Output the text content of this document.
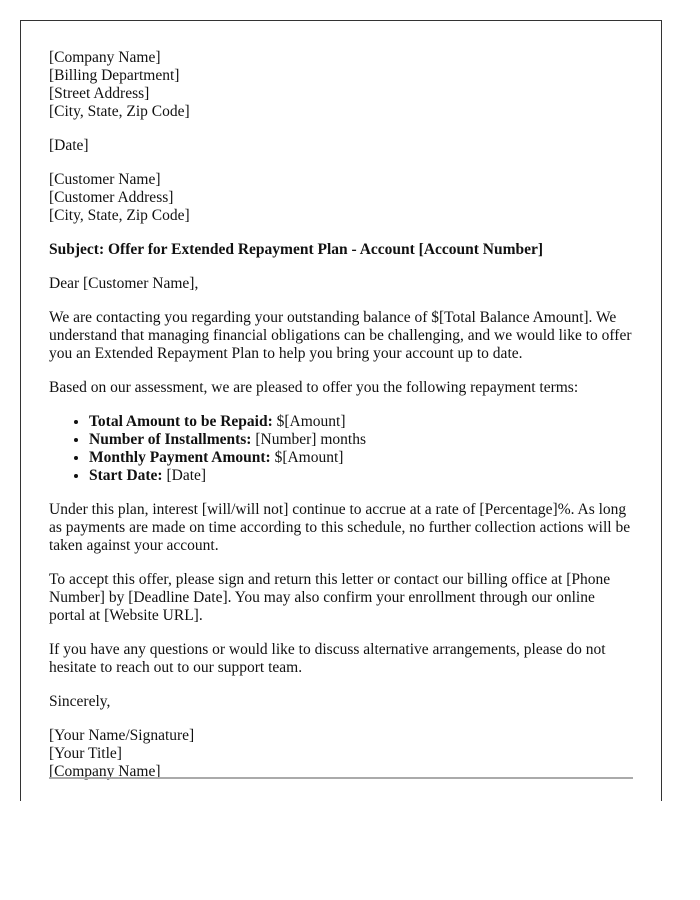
[Company Name]
[Billing Department]
[Street Address]
[City, State, Zip Code]

[Date]

[Customer Name]
[Customer Address]
[City, State, Zip Code]

Subject: Offer for Extended Repayment Plan - Account [Account Number]

Dear [Customer Name],

We are contacting you regarding your outstanding balance of $[Total Balance Amount]. We understand that managing financial obligations can be challenging, and we would like to offer you an Extended Repayment Plan to help you bring your account up to date.

Based on our assessment, we are pleased to offer you the following repayment terms:

• Total Amount to be Repaid: $[Amount]
• Number of Installments: [Number] months
• Monthly Payment Amount: $[Amount]
• Start Date: [Date]

Under this plan, interest [will/will not] continue to accrue at a rate of [Percentage]%. As long as payments are made on time according to this schedule, no further collection actions will be taken against your account.

To accept this offer, please sign and return this letter or contact our billing office at [Phone Number] by [Deadline Date]. You may also confirm your enrollment through our online portal at [Website URL].

If you have any questions or would like to discuss alternative arrangements, please do not hesitate to reach out to our support team.

Sincerely,

[Your Name/Signature]
[Your Title]
[Company Name]
